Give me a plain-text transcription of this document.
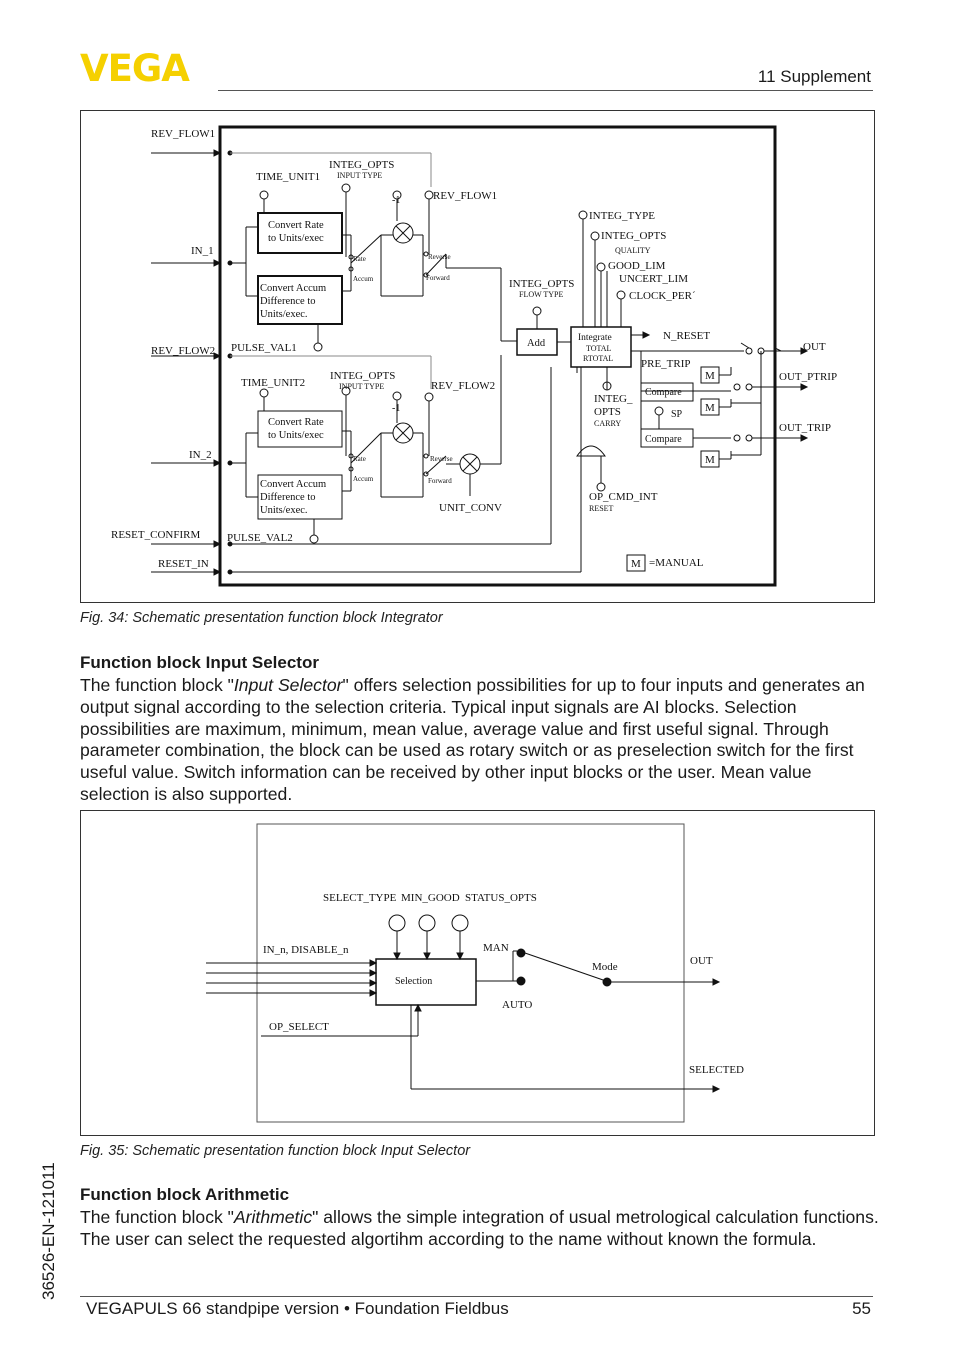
VEGA	11 Supplement
REV_FLOW1
IN_1
REV_FLOW2
IN_2
RESET_CONFIRM
RESET_IN
INTEG_OPTS
INPUT TYPE
TIME_UNIT1
-1	REV_FLOW1
Convert Rate
to Units/exec
Convert Accum
Difference to
Units/exec.
Rate
Accum
Reverse
Forward
PULSE_VAL1
INTEG_TYPE
INTEG_OPTS
QUALITY
GOOD_LIM
UNCERT_LIM
CLOCK_PER´
INTEG_OPTS
FLOW TYPE
Add	Integrate
TOTAL
RTOTAL
N_RESET
OUT
OUT_PTRIP
OUT_TRIP
PRE_TRIP
Compare
SP
Compare
M
M
M
INTEG_
OPTS
CARRY
TIME_UNIT2
INTEG_OPTS
INPUT TYPE	REV_FLOW2
-1
Convert Rate
to Units/exec
Convert Accum
Difference to
Units/exec.
Rate
Accum
Reverse
Forward
UNIT_CONV
OP_CMD_INT
RESET
PULSE_VAL2
M =MANUAL
Fig. 34: Schematic presentation function block Integrator
Function block Input Selector
The function block "Input Selector" offers selection possibilities for up to four inputs and generates an output signal according to the selection criteria. Typical input signals are AI blocks. Selection possibilities are maximum, minimum, mean value, average value and first useful signal. Through parameter combination, the block can be used as rotary switch or as preselection switch for the first useful value. Switch information can be received by other input blocks or the user. Mean value selection is also supported.
SELECT_TYPE MIN_GOOD STATUS_OPTS
IN_n, DISABLE_n
Selection
MAN
AUTO
Mode	OUT
OP_SELECT
SELECTED
Fig. 35: Schematic presentation function block Input Selector
Function block Arithmetic
The function block "Arithmetic" allows the simple integration of usual metrological calculation functions. The user can select the requested algortihm according to the name without known the formula.
36526-EN-121011
VEGAPULS 66 standpipe version • Foundation Fieldbus	55
